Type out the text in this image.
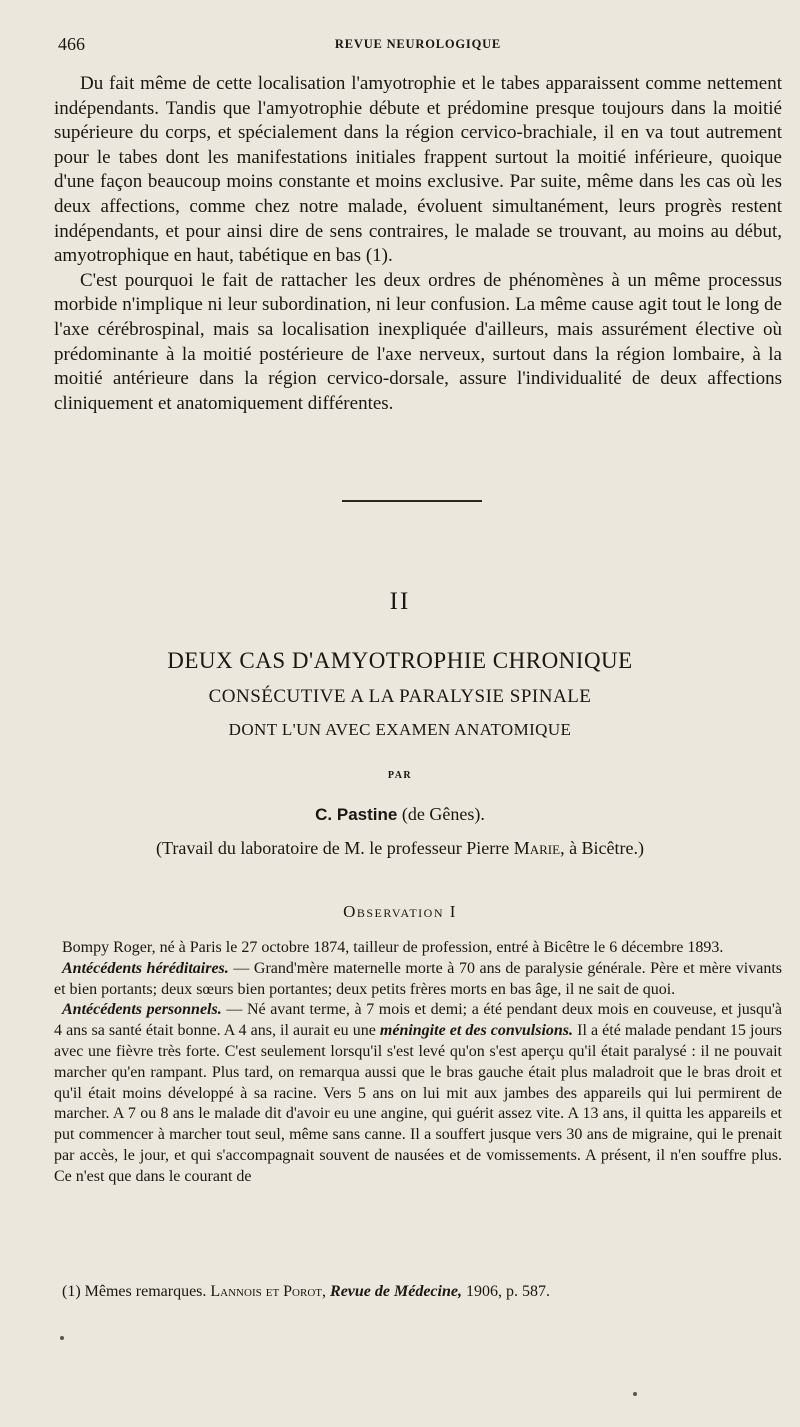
466	REVUE NEUROLOGIQUE

Du fait même de cette localisation l'amyotrophie et le tabes apparaissent comme nettement indépendants. Tandis que l'amyotrophie débute et prédomine presque toujours dans la moitié supérieure du corps, et spécialement dans la région cervico-brachiale, il en va tout autrement pour le tabes dont les manifestations initiales frappent surtout la moitié inférieure, quoique d'une façon beaucoup moins constante et moins exclusive. Par suite, même dans les cas où les deux affections, comme chez notre malade, évoluent simultanément, leurs progrès restent indépendants, et pour ainsi dire de sens contraires, le malade se trouvant, au moins au début, amyotrophique en haut, tabétique en bas (1).

C'est pourquoi le fait de rattacher les deux ordres de phénomènes à un même processus morbide n'implique ni leur subordination, ni leur confusion. La même cause agit tout le long de l'axe cérébrospinal, mais sa localisation inexpliquée d'ailleurs, mais assurément élective où prédominante à la moitié postérieure de l'axe nerveux, surtout dans la région lombaire, à la moitié antérieure dans la région cervico-dorsale, assure l'individualité de deux affections cliniquement et anatomiquement différentes.

II
DEUX CAS D'AMYOTROPHIE CHRONIQUE
CONSÉCUTIVE A LA PARALYSIE SPINALE
DONT L'UN AVEC EXAMEN ANATOMIQUE
PAR
C. Pastine (de Gênes).
(Travail du laboratoire de M. le professeur Pierre Marie, à Bicêtre.)
Observation I

Bompy Roger, né à Paris le 27 octobre 1874, tailleur de profession, entré à Bicêtre le 6 décembre 1893.

Antécédents héréditaires. — Grand'mère maternelle morte à 70 ans de paralysie générale. Père et mère vivants et bien portants; deux sœurs bien portantes; deux petits frères morts en bas âge, il ne sait de quoi.

Antécédents personnels. — Né avant terme, à 7 mois et demi; a été pendant deux mois en couveuse, et jusqu'à 4 ans sa santé était bonne. A 4 ans, il aurait eu une méningite et des convulsions. Il a été malade pendant 15 jours avec une fièvre très forte. C'est seulement lorsqu'il s'est levé qu'on s'est aperçu qu'il était paralysé : il ne pouvait marcher qu'en rampant. Plus tard, on remarqua aussi que le bras gauche était plus maladroit que le bras droit et qu'il était moins développé à sa racine. Vers 5 ans on lui mit aux jambes des appareils qui lui permirent de marcher. A 7 ou 8 ans le malade dit d'avoir eu une angine, qui guérit assez vite. A 13 ans, il quitta les appareils et put commencer à marcher tout seul, même sans canne. Il a souffert jusque vers 30 ans de migraine, qui le prenait par accès, le jour, et qui s'accompagnait souvent de nausées et de vomissements. A présent, il n'en souffre plus. Ce n'est que dans le courant de

(1) Mêmes remarques. Lannois et Porot, Revue de Médecine, 1906, p. 587.
